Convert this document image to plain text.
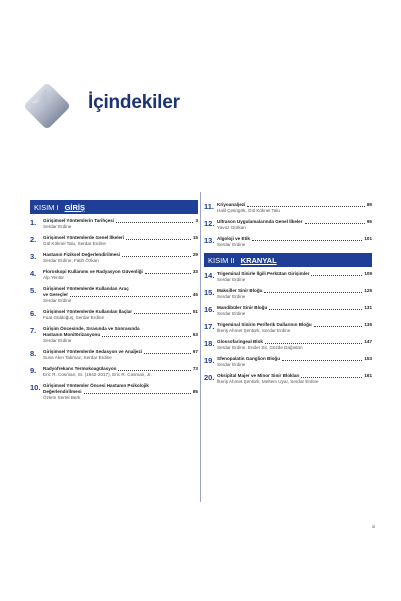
İçindekiler
KISIM I GİRİŞ
1.	Girişimsel Yöntemlerin Tarihçesi	3
Serdar Erdine
2.	Girişimsel Yöntemlerde Genel İlkeleri	15
Gül Köknel Talu, Serdar Erdine
3.	Hastanın Fiziksel Değerlendirilmesi	29
Serdar Erdine, Fatih Özkan
4.	Floroskopi Kullanımı ve Radyasyon Güvenliği	33
Alp Yentür
5.	Girişimsel Yöntemlerde Kullanılan Araç
ve Gereçler	45
Serdar Erdine
6.	Girişimsel Yöntemlerde Kullanılan İlaçlar	51
Fuat Güldoğuş, Serdar Erdine
7.	Girişim Öncesinde, Sırasında ve Sonrasında
Hastanın Monitörizasyonu	63
Serdar Erdine
8.	Girişimsel Yöntemlerde Sedasyon ve Analjezi	67
Suna Akın Takmaz, Serdar Erdine
9.	Radyofrekans Termokoagülasyon	73
Eric R. Cosman, Sr. (1942-2017), Eric R. Cosman, Jr.
10. Girişimsel Yöntemler Öncesi Hastanın Psikolojik
Değerlendirilmesi	85
Özlem Sertel Berk
11. Kriyoanaljezi	89
Halil Çetingök, Gül Köknel Talu
12. Ultrason Uygulamalarında Genel İlkeler	95
Yavuz Gürkan
13. Algoloji ve Etik	101
Serdar Erdine
KISIM II KRANYAL
14. Trigeminal Sinirle İlgili Perkütan Girişimler	109
Serdar Erdine
15. Maksiller Sinir Bloğu	125
Serdar Erdine
16. Mandibüler Sinir Bloğu	131
Serdar Erdine
17. Trigeminal Sinirin Periferik Dallarının Bloğu	135
İlteriş Ahmet Şentürk, Serdar Erdine
18. Glossofaringeal Blok	147
Serdar Erdine, Ender Sir, Gözde Dağıstan
19. Sfenopalatin Ganglion Bloğu	153
Serdar Erdine
20. Oksipital Majer ve Minor Sinir Blokları	161
İlteriş Ahmet Şentürk, Meltem Uyar, Serdar Erdine
xi
